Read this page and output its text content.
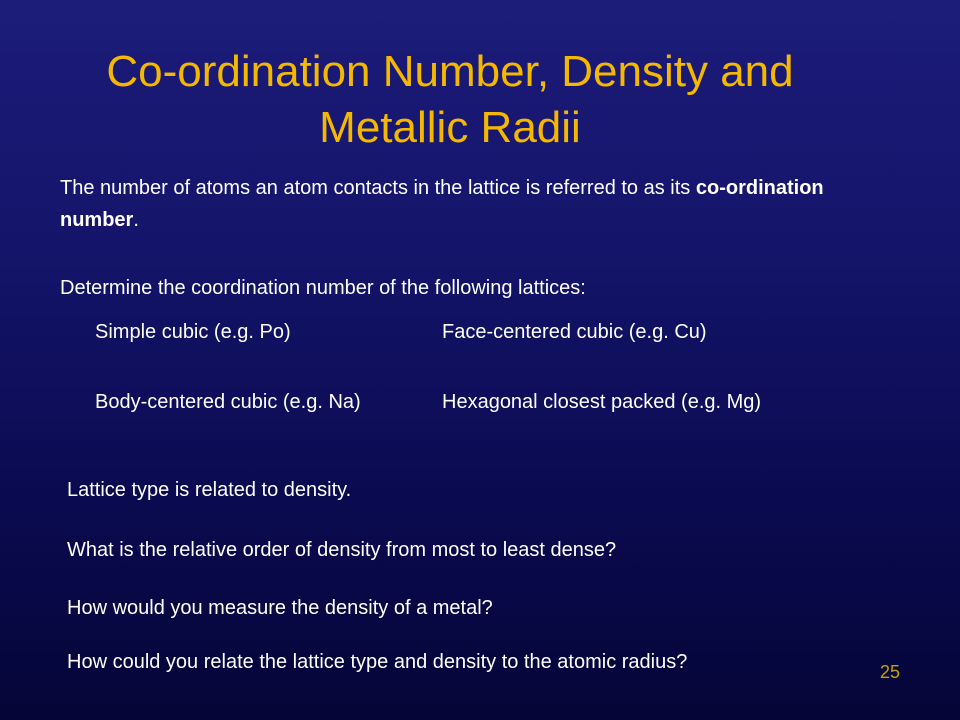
Co-ordination Number, Density and Metallic Radii
The number of atoms an atom contacts in the lattice is referred to as its co-ordination number.
Determine the coordination number of the following lattices:
Simple cubic (e.g. Po)	Face-centered cubic (e.g. Cu)
Body-centered cubic (e.g. Na)	Hexagonal closest packed (e.g. Mg)
Lattice type is related to density.
What is the relative order of density from most to least dense?
How would you measure the density of a metal?
How could you relate the lattice type and density to the atomic radius?	25
